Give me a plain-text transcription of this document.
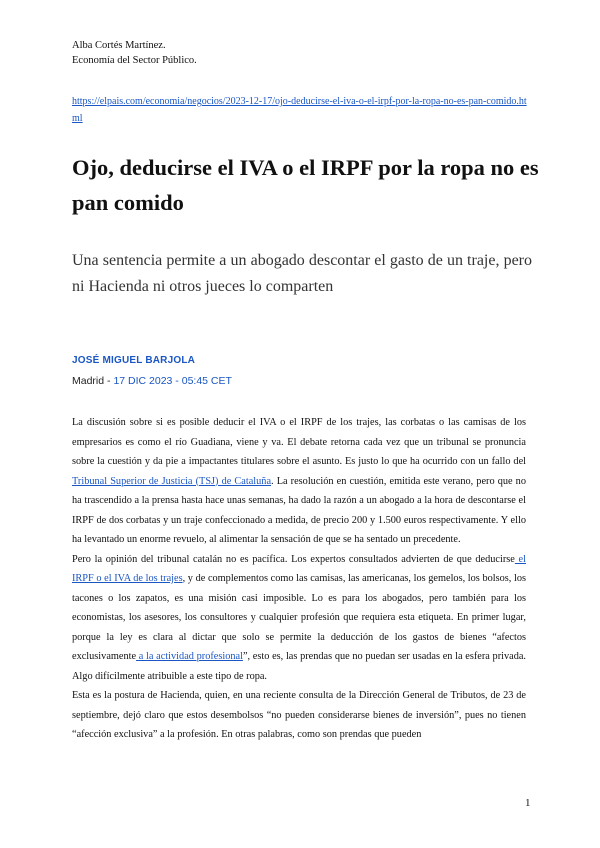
Alba Cortés Martínez.
Economía del Sector Público.
https://elpais.com/economia/negocios/2023-12-17/ojo-deducirse-el-iva-o-el-irpf-por-la-ropa-no-es-pan-comido.html
Ojo, deducirse el IVA o el IRPF por la ropa no es pan comido

Una sentencia permite a un abogado descontar el gasto de un traje, pero ni Hacienda ni otros jueces lo comparten

JOSÉ MIGUEL BARJOLA
Madrid - 17 DIC 2023 - 05:45 CET

La discusión sobre si es posible deducir el IVA o el IRPF de los trajes, las corbatas o las camisas de los empresarios es como el río Guadiana, viene y va. El debate retorna cada vez que un tribunal se pronuncia sobre la cuestión y da pie a impactantes titulares sobre el asunto. Es justo lo que ha ocurrido con un fallo del Tribunal Superior de Justicia (TSJ) de Cataluña. La resolución en cuestión, emitida este verano, pero que no ha trascendido a la prensa hasta hace unas semanas, ha dado la razón a un abogado a la hora de descontarse el IRPF de dos corbatas y un traje confeccionado a medida, de precio 200 y 1.500 euros respectivamente. Y ello ha levantado un enorme revuelo, al alimentar la sensación de que se ha sentado un precedente.

Pero la opinión del tribunal catalán no es pacífica. Los expertos consultados advierten de que deducirse el IRPF o el IVA de los trajes, y de complementos como las camisas, las americanas, los gemelos, los bolsos, los tacones o los zapatos, es una misión casi imposible. Lo es para los abogados, pero también para los economistas, los asesores, los consultores y cualquier profesión que requiera esta etiqueta. En primer lugar, porque la ley es clara al dictar que solo se permite la deducción de los gastos de bienes “afectos exclusivamente a la actividad profesional”, esto es, las prendas que no puedan ser usadas en la esfera privada. Algo difícilmente atribuible a este tipo de ropa.

Esta es la postura de Hacienda, quien, en una reciente consulta de la Dirección General de Tributos, de 23 de septiembre, dejó claro que estos desembolsos “no pueden considerarse bienes de inversión”, pues no tienen “afección exclusiva” a la profesión. En otras palabras, como son prendas que pueden

1
